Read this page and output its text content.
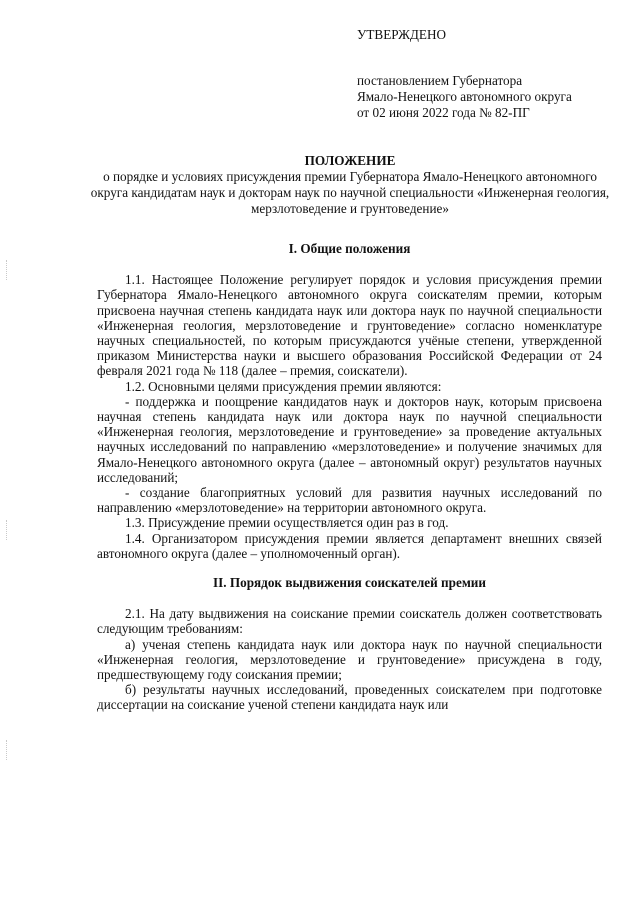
УТВЕРЖДЕНО
постановлением Губернатора
Ямало-Ненецкого автономного округа
от 02 июня 2022 года № 82-ПГ
ПОЛОЖЕНИЕ
о порядке и условиях присуждения премии Губернатора Ямало-Ненецкого автономного округа кандидатам наук и докторам наук по научной специальности «Инженерная геология, мерзлотоведение и грунтоведение»
I. Общие положения

1.1. Настоящее Положение регулирует порядок и условия присуждения премии Губернатора Ямало-Ненецкого автономного округа соискателям премии, которым присвоена научная степень кандидата наук или доктора наук по научной специальности «Инженерная геология, мерзлотоведение и грунтоведение» согласно номенклатуре научных специальностей, по которым присуждаются учёные степени, утвержденной приказом Министерства науки и высшего образования Российской Федерации от 24 февраля 2021 года № 118 (далее – премия, соискатели).

1.2. Основными целями присуждения премии являются:

- поддержка и поощрение кандидатов наук и докторов наук, которым присвоена научная степень кандидата наук или доктора наук по научной специальности «Инженерная геология, мерзлотоведение и грунтоведение» за проведение актуальных научных исследований по направлению «мерзлотоведение» и получение значимых для Ямало-Ненецкого автономного округа (далее – автономный округ) результатов научных исследований;

- создание благоприятных условий для развития научных исследований по направлению «мерзлотоведение» на территории автономного округа.

1.3. Присуждение премии осуществляется один раз в год.

1.4. Организатором присуждения премии является департамент внешних связей автономного округа (далее – уполномоченный орган).

II. Порядок выдвижения соискателей премии

2.1. На дату выдвижения на соискание премии соискатель должен соответствовать следующим требованиям:

а) ученая степень кандидата наук или доктора наук по научной специальности «Инженерная геология, мерзлотоведение и грунтоведение» присуждена в году, предшествующему году соискания премии;

б) результаты научных исследований, проведенных соискателем при подготовке диссертации на соискание ученой степени кандидата наук или
